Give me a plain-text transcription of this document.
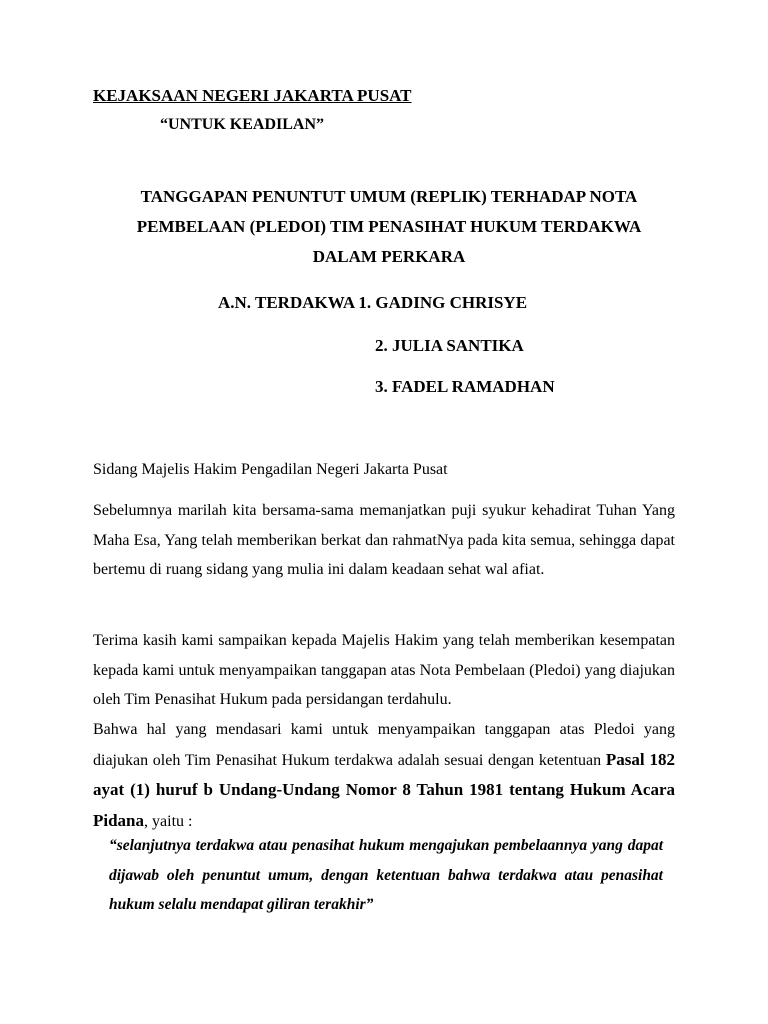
KEJAKSAAN NEGERI JAKARTA PUSAT
“UNTUK KEADILAN”
TANGGAPAN PENUNTUT UMUM (REPLIK) TERHADAP NOTA
PEMBELAAN (PLEDOI) TIM PENASIHAT HUKUM TERDAKWA
DALAM PERKARA
A.N. TERDAKWA 1. GADING CHRISYE
2. JULIA SANTIKA
3. FADEL RAMADHAN
Sidang Majelis Hakim Pengadilan Negeri Jakarta Pusat
Sebelumnya marilah kita bersama-sama memanjatkan puji syukur kehadirat Tuhan Yang Maha Esa, Yang telah memberikan berkat dan rahmatNya pada kita semua, sehingga dapat bertemu di ruang sidang yang mulia ini dalam keadaan sehat wal afiat.
Terima kasih kami sampaikan kepada Majelis Hakim yang telah memberikan kesempatan kepada kami untuk menyampaikan tanggapan atas Nota Pembelaan (Pledoi) yang diajukan oleh Tim Penasihat Hukum pada persidangan terdahulu.
Bahwa hal yang mendasari kami untuk menyampaikan tanggapan atas Pledoi yang diajukan oleh Tim Penasihat Hukum terdakwa adalah sesuai dengan ketentuan Pasal 182 ayat (1) huruf b Undang-Undang Nomor 8 Tahun 1981 tentang Hukum Acara Pidana, yaitu :
“selanjutnya terdakwa atau penasihat hukum mengajukan pembelaannya yang dapat dijawab oleh penuntut umum, dengan ketentuan bahwa terdakwa atau penasihat hukum selalu mendapat giliran terakhir”
